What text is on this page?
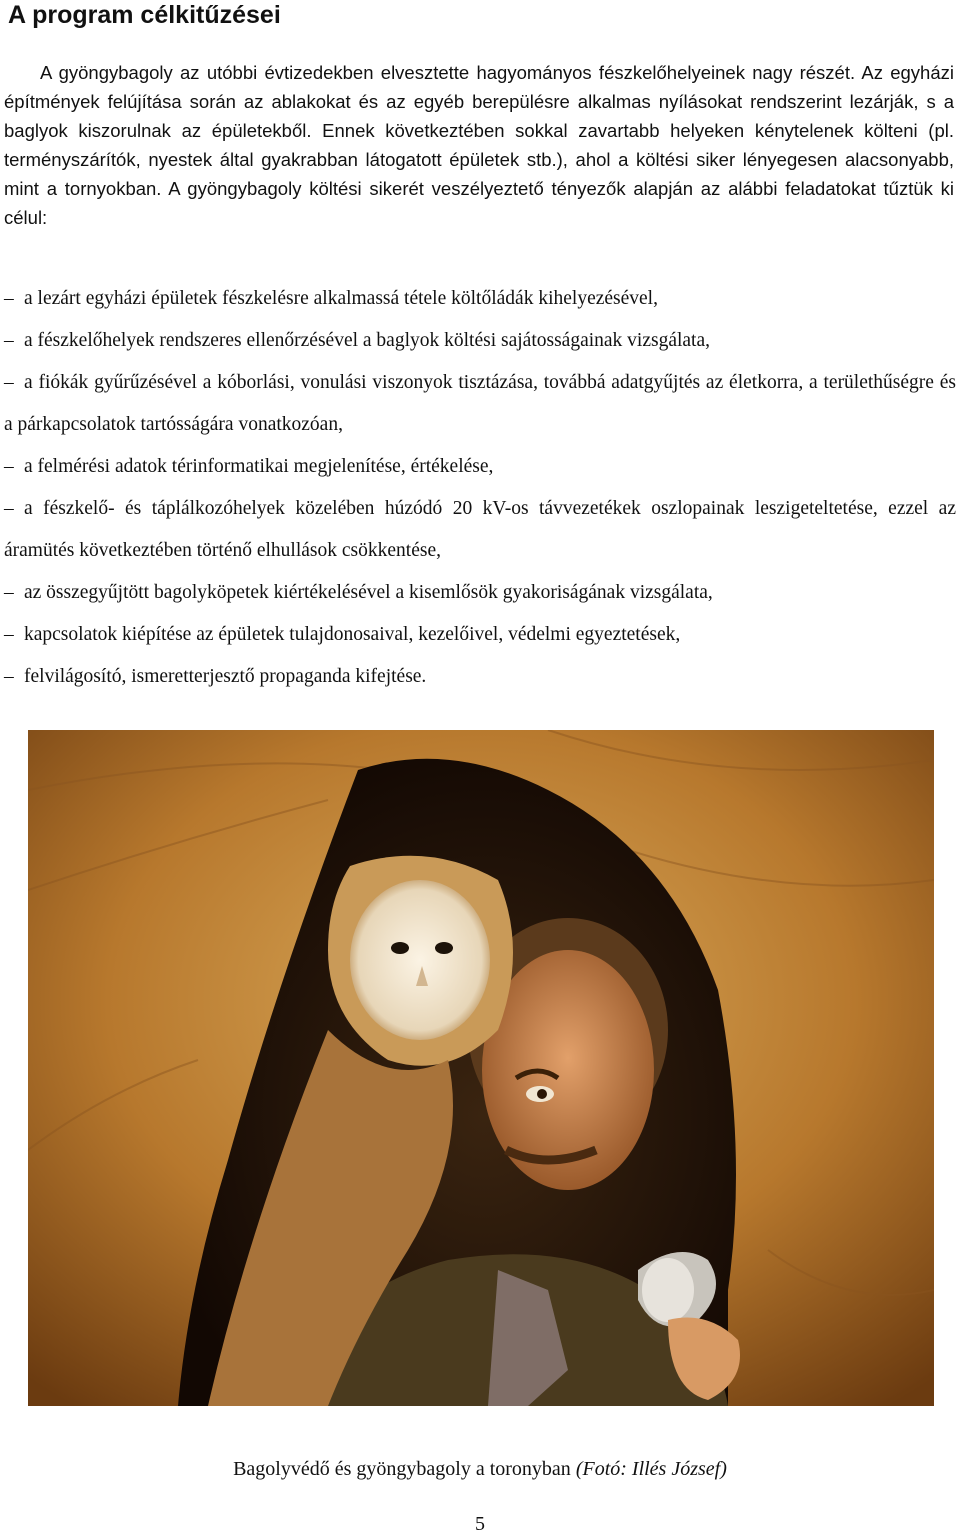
A program célkitűzései

A gyöngybagoly az utóbbi évtizedekben elvesztette hagyományos fészkelőhelyeinek nagy részét. Az egyházi építmények felújítása során az ablakokat és az egyéb berepülésre alkalmas nyílásokat rendszerint lezárják, s a baglyok kiszorulnak az épületekből. Ennek következtében sokkal zavartabb helyeken kénytelenek költeni (pl. terményszárítók, nyestek által gyakrabban látogatott épületek stb.), ahol a költési siker lényegesen alacsonyabb, mint a tornyokban. A gyöngybagoly költési sikerét veszélyeztető tényezők alapján az alábbi feladatokat tűztük ki célul:

– a lezárt egyházi épületek fészkelésre alkalmassá tétele költőládák kihelyezésével,
– a fészkelőhelyek rendszeres ellenőrzésével a baglyok költési sajátosságainak vizsgálata,
– a fiókák gyűrűzésével a kóborlási, vonulási viszonyok tisztázása, továbbá adatgyűjtés az életkorra, a területhűségre és a párkapcsolatok tartósságára vonatkozóan,
– a felmérési adatok térinformatikai megjelenítése, értékelése,
– a fészkelő- és táplálkozóhelyek közelében húzódó 20 kV-os távvezetékek oszlopainak leszigeteltetése, ezzel az áramütés következtében történő elhullások csökkentése,
– az összegyűjtött bagolyköpetek kiértékelésével a kisemlősök gyakoriságának vizsgálata,
– kapcsolatok kiépítése az épületek tulajdonosaival, kezelőivel, védelmi egyeztetések,
– felvilágosító, ismeretterjesztő propaganda kifejtése.

Bagolyvédő és gyöngybagoly a toronyban (Fotó: Illés József)

5
